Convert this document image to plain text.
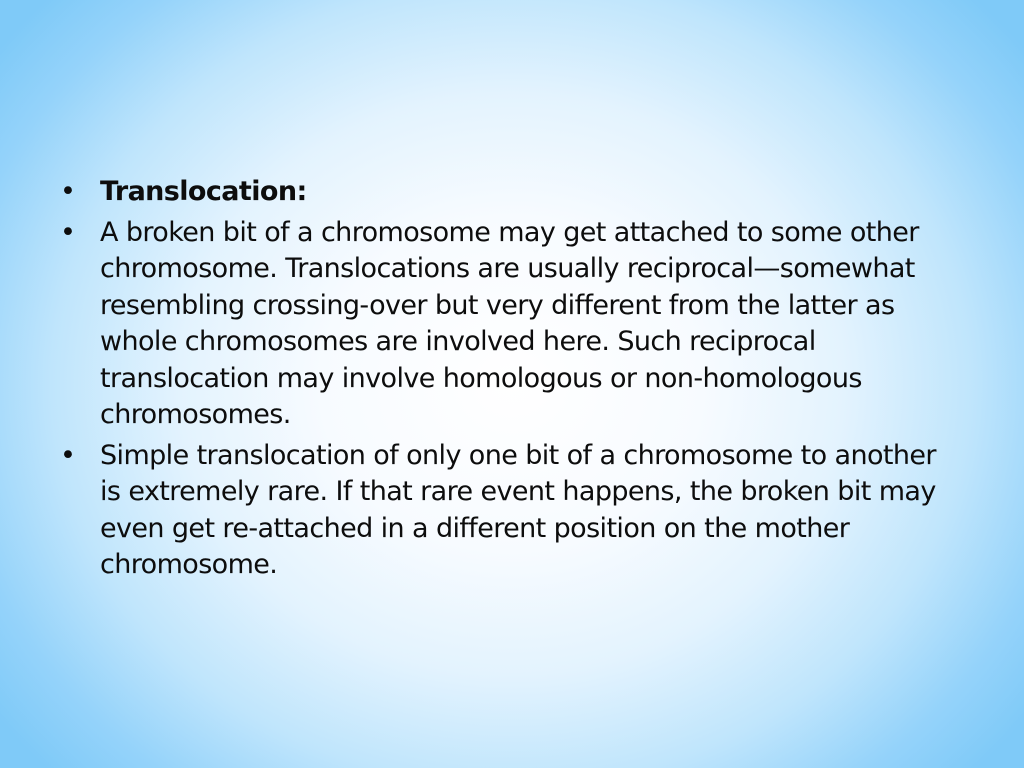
• Translocation:
• A broken bit of a chromosome may get attached to some other chromosome. Translocations are usually reciprocal—somewhat resembling crossing-over but very different from the latter as whole chromosomes are involved here. Such reciprocal translocation may involve homologous or non-homologous chromosomes.
• Simple translocation of only one bit of a chromosome to another is extremely rare. If that rare event happens, the broken bit may even get re-attached in a different position on the mother chromosome.
